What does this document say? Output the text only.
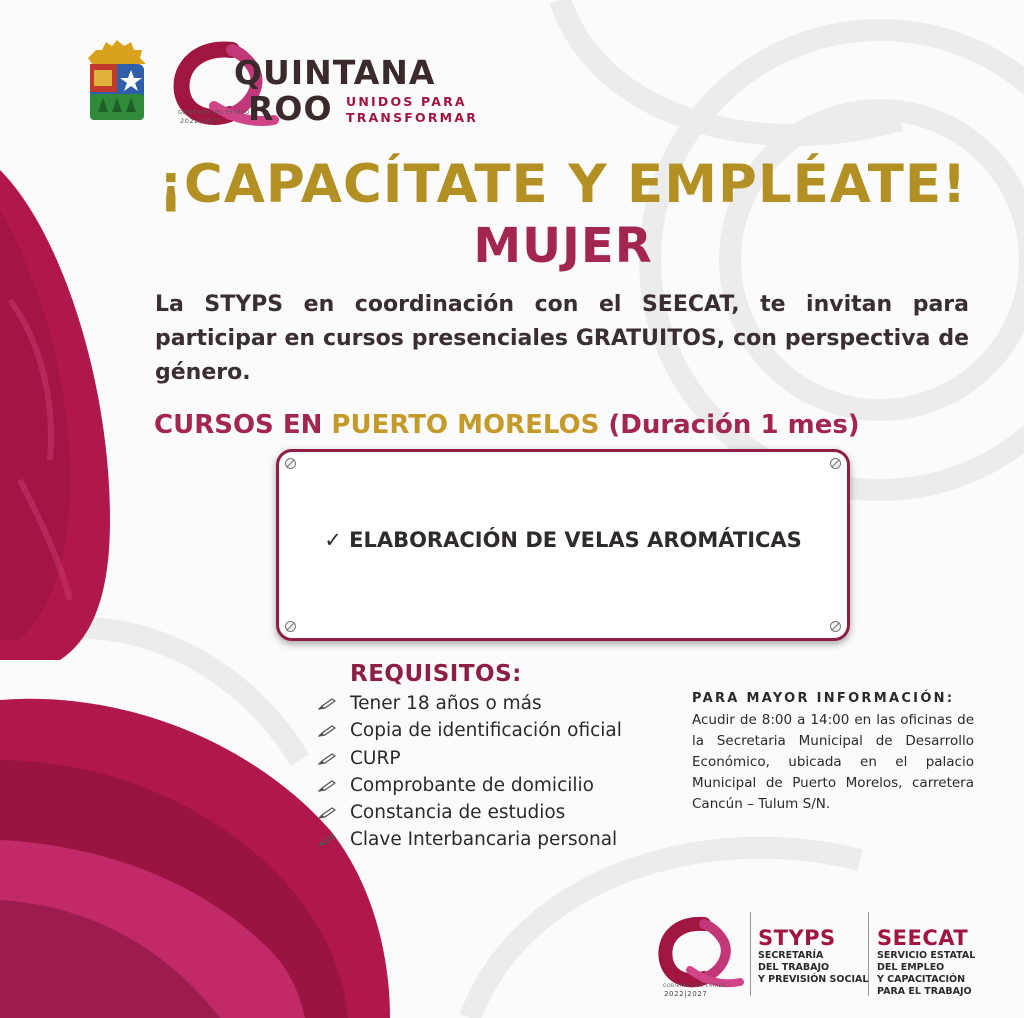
QUINTANA
ROO UNIDOS PARA
TRANSFORMAR
GOBIERNO DEL ESTADO
2022|2027
¡CAPACÍTATE Y EMPLÉATE!
MUJER
La STYPS en coordinación con el SEECAT, te invitan para participar en cursos presenciales GRATUITOS, con perspectiva de género.
CURSOS EN PUERTO MORELOS (Duración 1 mes)
✓ ELABORACIÓN DE VELAS AROMÁTICAS
REQUISITOS:
Tener 18 años o más
Copia de identificación oficial
CURP
Comprobante de domicilio
Constancia de estudios
Clave Interbancaria personal
PARA MAYOR INFORMACIÓN:
Acudir de 8:00 a 14:00 en las oficinas de la Secretaria Municipal de Desarrollo Económico, ubicada en el palacio Municipal de Puerto Morelos, carretera Cancún – Tulum S/N.
GOBIERNO DEL ESTADO
2022|2027
STYPS
SECRETARÍA
DEL TRABAJO
Y PREVISIÓN SOCIAL
SEECAT
SERVICIO ESTATAL
DEL EMPLEO
Y CAPACITACIÓN
PARA EL TRABAJO
